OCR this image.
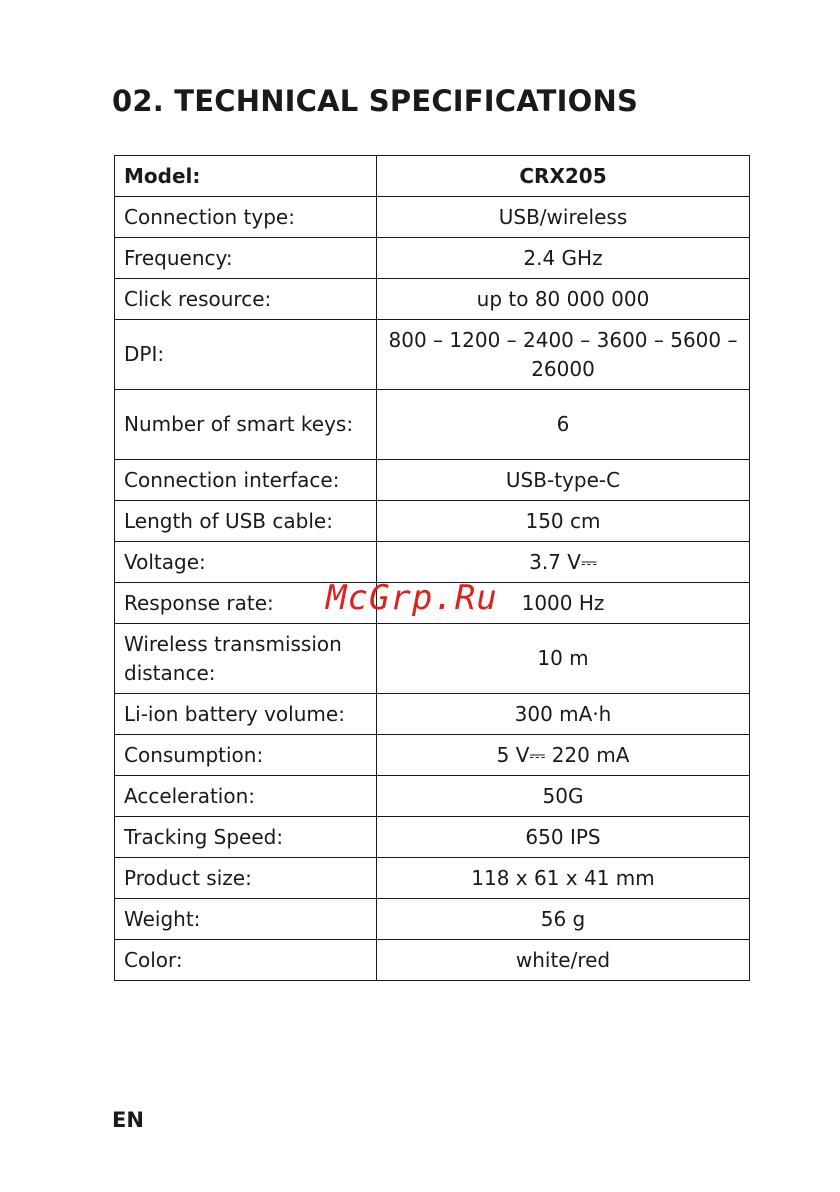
02. TECHNICAL SPECIFICATIONS
Model:	CRX205
Connection type:	USB/wireless
Frequency:	2.4 GHz
Click resource:	up to 80 000 000
DPI:	800 – 1200 – 2400 – 3600 – 5600 – 26000
Number of smart keys:	6
Connection interface:	USB-type-C
Length of USB cable:	150 cm
Voltage:	3.7 V⎓
Response rate:	1000 Hz
Wireless transmission distance:	10 m
Li-ion battery volume:	300 mA·h
Consumption:	5 V⎓ 220 mA
Acceleration:	50G
Tracking Speed:	650 IPS
Product size:	118 x 61 x 41 mm
Weight:	56 g
Color:	white/red
McGrp.Ru
EN
